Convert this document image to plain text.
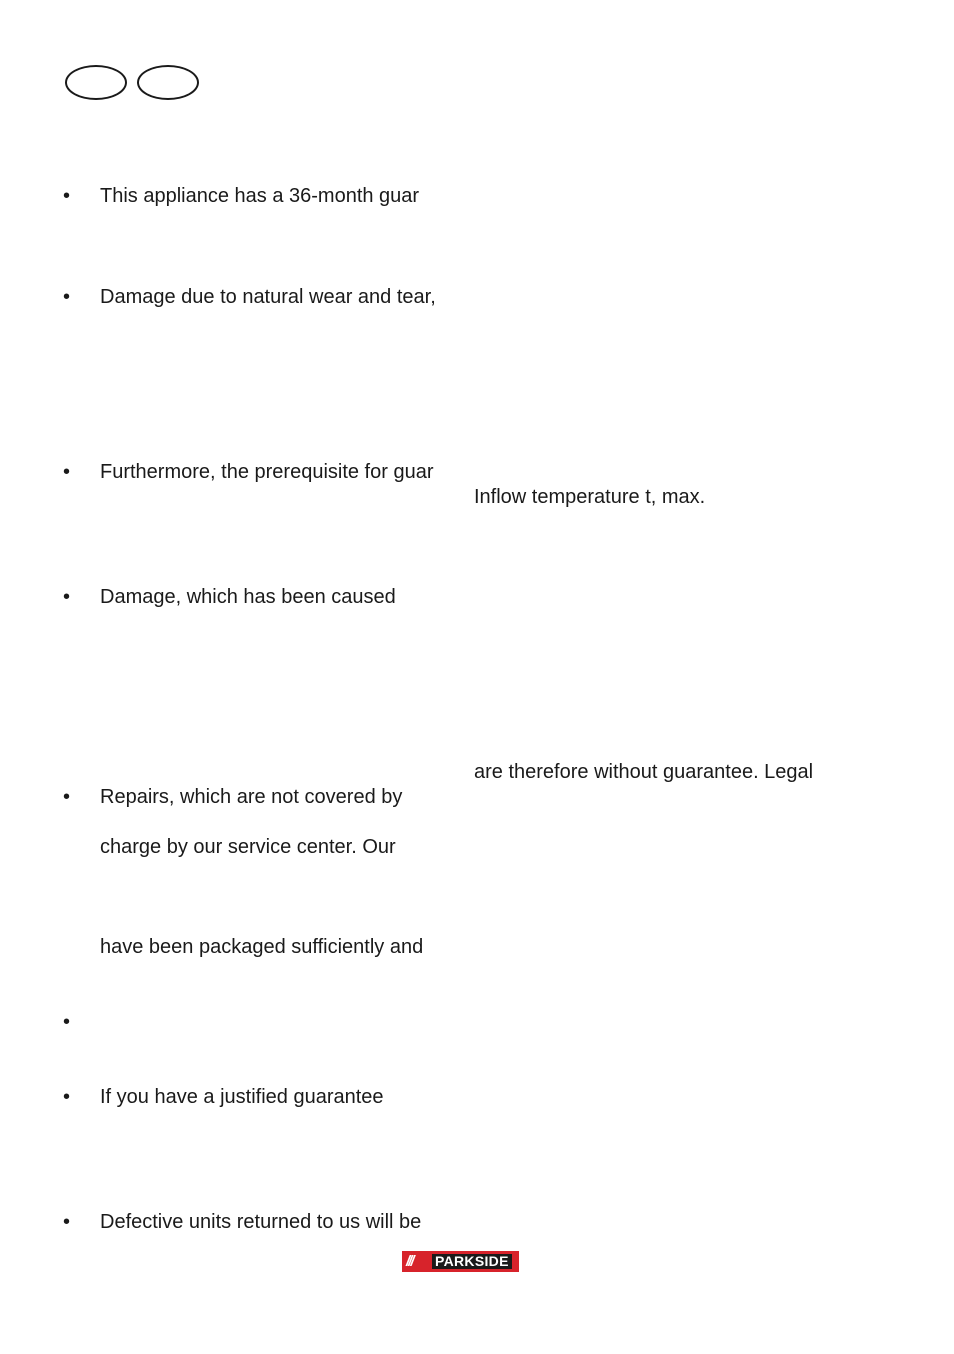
• This appliance has a 36-month guar
• Damage due to natural wear and tear,
• Furthermore, the prerequisite for guar
Inflow temperature t, max.
• Damage, which has been caused
are therefore without guarantee. Legal
• Repairs, which are not covered by
charge by our service center. Our
have been packaged sufficiently and
•
• If you have a justified guarantee
• Defective units returned to us will be
///	PARKSIDE
